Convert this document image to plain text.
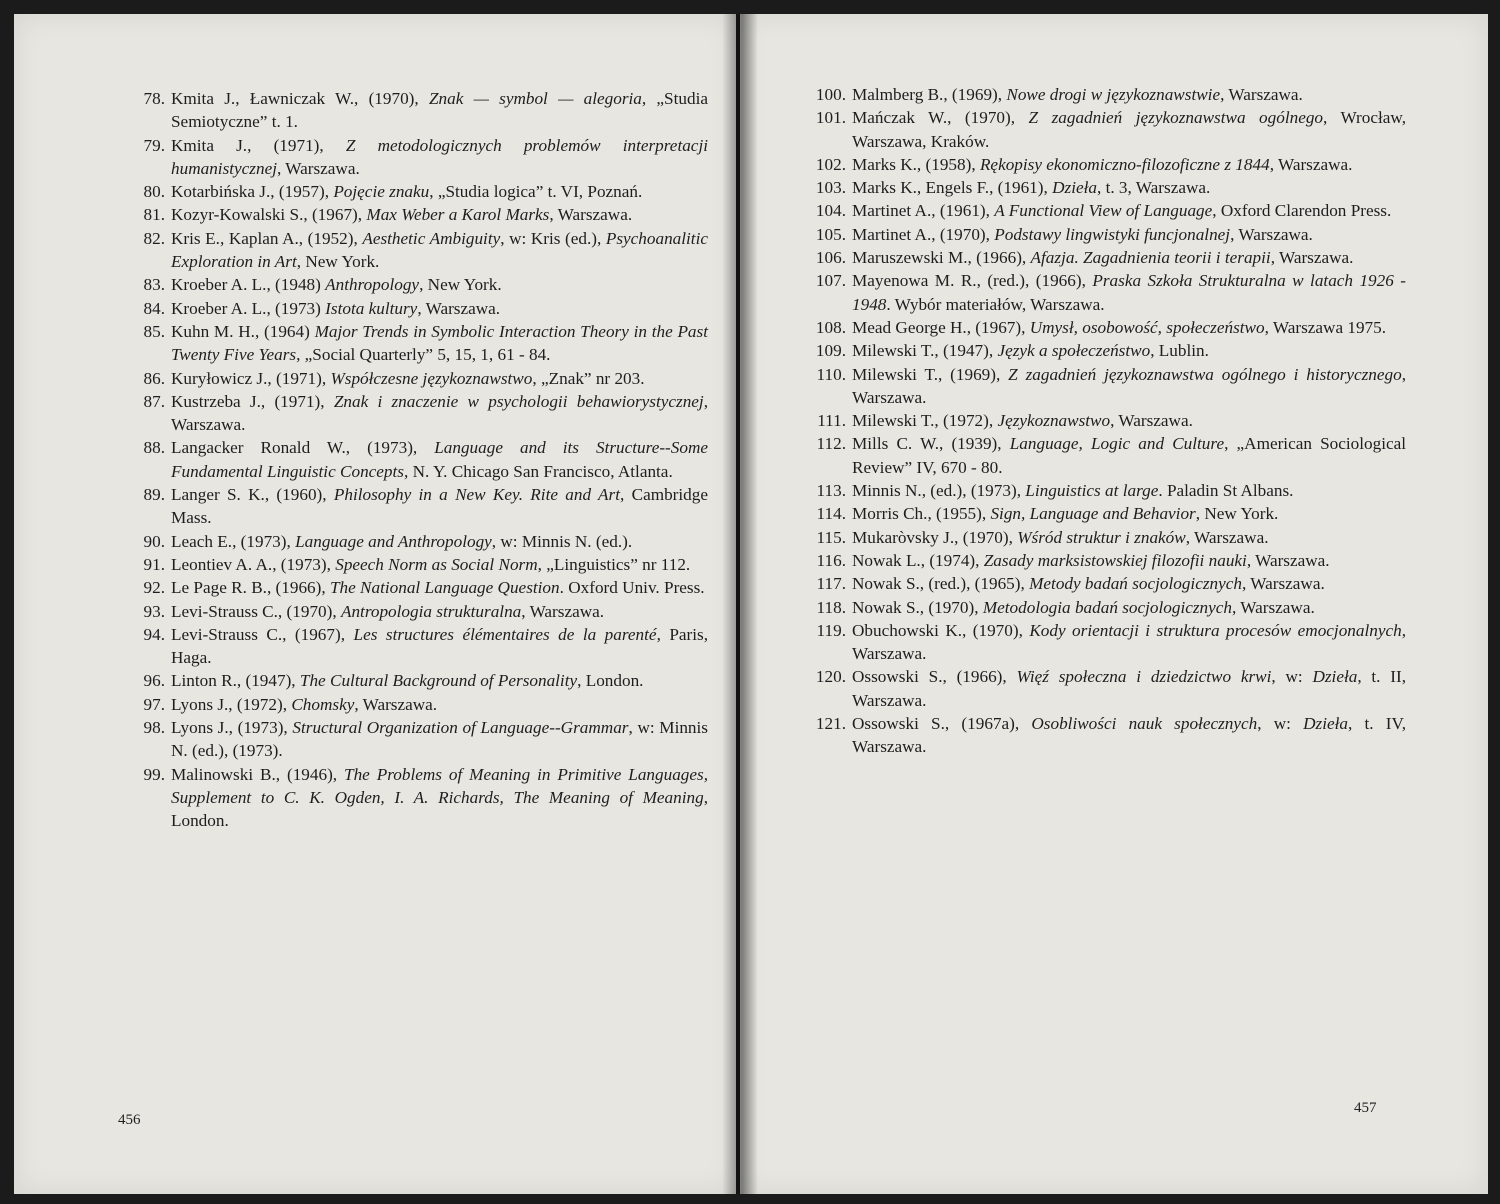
78. Kmita J., Ławniczak W., (1970), Znak — symbol — alegoria, „Studia Semiotyczne” t. 1.
79. Kmita J., (1971), Z metodologicznych problemów interpretacji humanistycznej, Warszawa.
80. Kotarbińska J., (1957), Pojęcie znaku, „Studia logica” t. VI, Poznań.
81. Kozyr-Kowalski S., (1967), Max Weber a Karol Marks, Warszawa.
82. Kris E., Kaplan A., (1952), Aesthetic Ambiguity, w: Kris (ed.), Psychoanalitic Exploration in Art, New York.
83. Kroeber A. L., (1948) Anthropology, New York.
84. Kroeber A. L., (1973) Istota kultury, Warszawa.
85. Kuhn M. H., (1964) Major Trends in Symbolic Interaction Theory in the Past Twenty Five Years, „Social Quarterly” 5, 15, 1, 61 - 84.
86. Kuryłowicz J., (1971), Współczesne językoznawstwo, „Znak” nr 203.
87. Kustrzeba J., (1971), Znak i znaczenie w psychologii behawiorystycznej, Warszawa.
88. Langacker Ronald W., (1973), Language and its Structure--Some Fundamental Linguistic Concepts, N. Y. Chicago San Francisco, Atlanta.
89. Langer S. K., (1960), Philosophy in a New Key. Rite and Art, Cambridge Mass.
90. Leach E., (1973), Language and Anthropology, w: Minnis N. (ed.).
91. Leontiev A. A., (1973), Speech Norm as Social Norm, „Linguistics” nr 112.
92. Le Page R. B., (1966), The National Language Question. Oxford Univ. Press.
93. Levi-Strauss C., (1970), Antropologia strukturalna, Warszawa.
94. Levi-Strauss C., (1967), Les structures élémentaires de la parenté, Paris, Haga.
96. Linton R., (1947), The Cultural Background of Personality, London.
97. Lyons J., (1972), Chomsky, Warszawa.
98. Lyons J., (1973), Structural Organization of Language--Grammar, w: Minnis N. (ed.), (1973).
99. Malinowski B., (1946), The Problems of Meaning in Primitive Languages, Supplement to C. K. Ogden, I. A. Richards, The Meaning of Meaning, London.
456
100. Malmberg B., (1969), Nowe drogi w językoznawstwie, Warszawa.
101. Mańczak W., (1970), Z zagadnień językoznawstwa ogólnego, Wrocław, Warszawa, Kraków.
102. Marks K., (1958), Rękopisy ekonomiczno-filozoficzne z 1844, Warszawa.
103. Marks K., Engels F., (1961), Dzieła, t. 3, Warszawa.
104. Martinet A., (1961), A Functional View of Language, Oxford Clarendon Press.
105. Martinet A., (1970), Podstawy lingwistyki funcjonalnej, Warszawa.
106. Maruszewski M., (1966), Afazja. Zagadnienia teorii i terapii, Warszawa.
107. Mayenowa M. R., (red.), (1966), Praska Szkoła Strukturalna w latach 1926 - 1948. Wybór materiałów, Warszawa.
108. Mead George H., (1967), Umysł, osobowość, społeczeństwo, Warszawa 1975.
109. Milewski T., (1947), Język a społeczeństwo, Lublin.
110. Milewski T., (1969), Z zagadnień językoznawstwa ogólnego i historycznego, Warszawa.
111. Milewski T., (1972), Językoznawstwo, Warszawa.
112. Mills C. W., (1939), Language, Logic and Culture, „American Sociological Review” IV, 670 - 80.
113. Minnis N., (ed.), (1973), Linguistics at large. Paladin St Albans.
114. Morris Ch., (1955), Sign, Language and Behavior, New York.
115. Mukaròvsky J., (1970), Wśród struktur i znaków, Warszawa.
116. Nowak L., (1974), Zasady marksistowskiej filozofii nauki, Warszawa.
117. Nowak S., (red.), (1965), Metody badań socjologicznych, Warszawa.
118. Nowak S., (1970), Metodologia badań socjologicznych, Warszawa.
119. Obuchowski K., (1970), Kody orientacji i struktura procesów emocjonalnych, Warszawa.
120. Ossowski S., (1966), Więź społeczna i dziedzictwo krwi, w: Dzieła, t. II, Warszawa.
121. Ossowski S., (1967a), Osobliwości nauk społecznych, w: Dzieła, t. IV, Warszawa.
457
